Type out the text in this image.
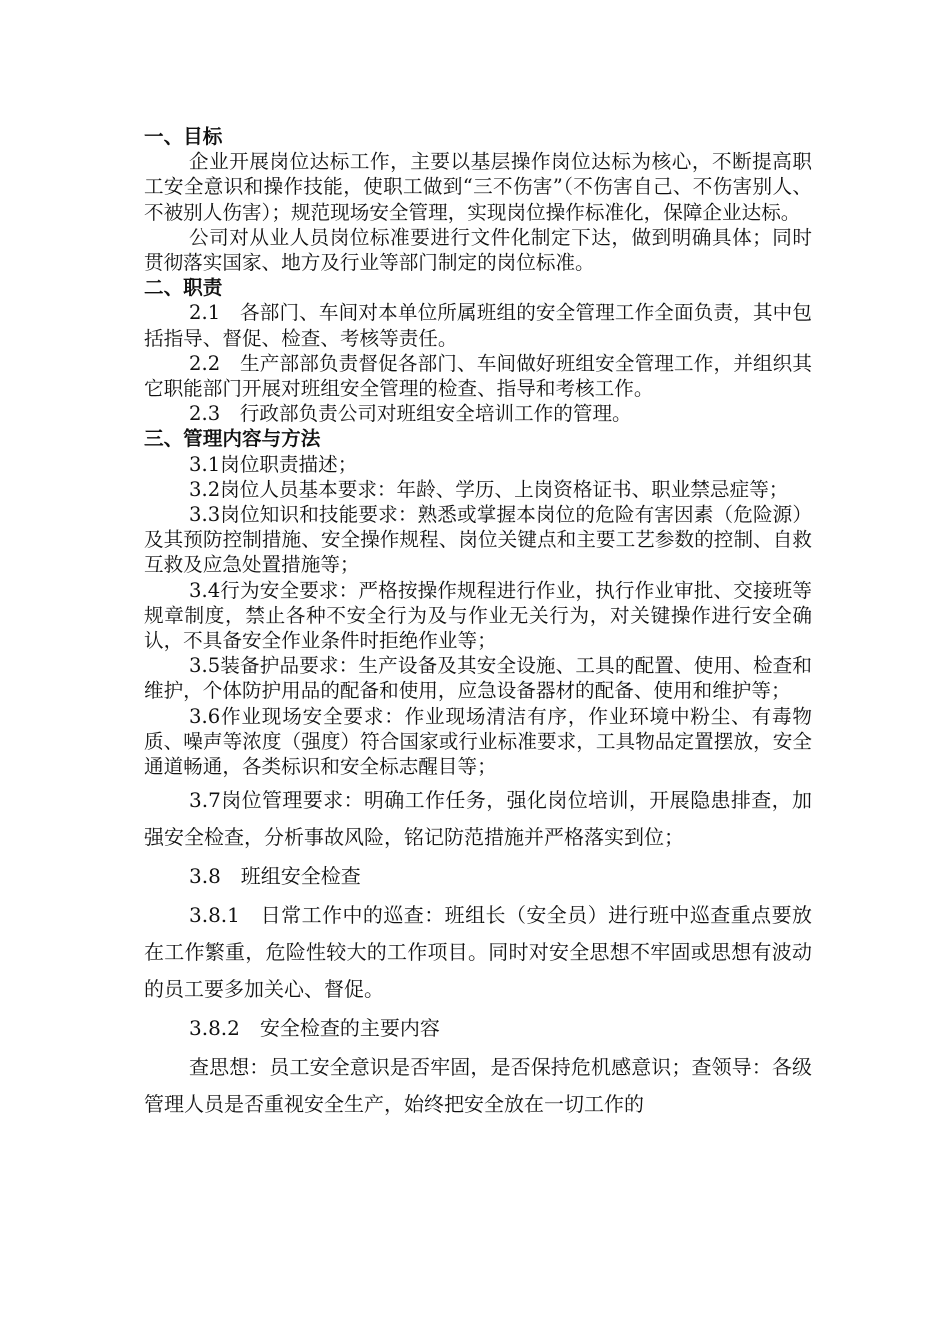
一、目标
企业开展岗位达标工作，主要以基层操作岗位达标为核心，不断提高职工安全意识和操作技能，使职工做到“三不伤害”（不伤害自己、不伤害别人、不被别人伤害）；规范现场安全管理，实现岗位操作标准化，保障企业达标。
公司对从业人员岗位标准要进行文件化制定下达，做到明确具体；同时贯彻落实国家、地方及行业等部门制定的岗位标准。
二、职责
2.1　各部门、车间对本单位所属班组的安全管理工作全面负责，其中包括指导、督促、检查、考核等责任。
2.2　生产部部负责督促各部门、车间做好班组安全管理工作，并组织其它职能部门开展对班组安全管理的检查、指导和考核工作。
2.3　行政部负责公司对班组安全培训工作的管理。
三、管理内容与方法
3.1岗位职责描述；
3.2岗位人员基本要求：年龄、学历、上岗资格证书、职业禁忌症等；
3.3岗位知识和技能要求：熟悉或掌握本岗位的危险有害因素（危险源）及其预防控制措施、安全操作规程、岗位关键点和主要工艺参数的控制、自救互救及应急处置措施等；
3.4行为安全要求：严格按操作规程进行作业，执行作业审批、交接班等规章制度，禁止各种不安全行为及与作业无关行为，对关键操作进行安全确认，不具备安全作业条件时拒绝作业等；
3.5装备护品要求：生产设备及其安全设施、工具的配置、使用、检查和维护，个体防护用品的配备和使用，应急设备器材的配备、使用和维护等；
3.6作业现场安全要求：作业现场清洁有序，作业环境中粉尘、有毒物质、噪声等浓度（强度）符合国家或行业标准要求，工具物品定置摆放，安全通道畅通，各类标识和安全标志醒目等；
3.7岗位管理要求：明确工作任务，强化岗位培训，开展隐患排查，加强安全检查，分析事故风险，铭记防范措施并严格落实到位；
3.8　班组安全检查
3.8.1　日常工作中的巡查：班组长（安全员）进行班中巡查重点要放在工作繁重，危险性较大的工作项目。同时对安全思想不牢固或思想有波动的员工要多加关心、督促。
3.8.2　安全检查的主要内容
查思想：员工安全意识是否牢固，是否保持危机感意识；查领导：各级管理人员是否重视安全生产，始终把安全放在一切工作的
